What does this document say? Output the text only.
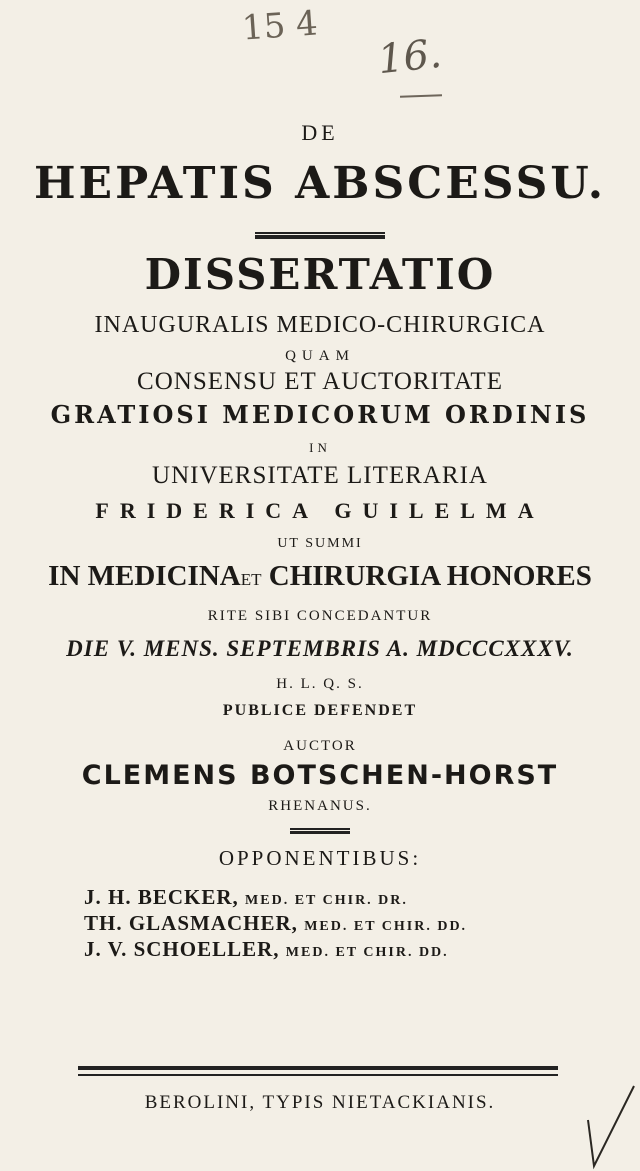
15 4
16.
DE
HEPATIS ABSCESSU.
DISSERTATIO
INAUGURALIS MEDICO-CHIRURGICA
QUAM
CONSENSU ET AUCTORITATE
GRATIOSI MEDICORUM ORDINIS
IN
UNIVERSITATE LITERARIA
FRIDERICA GUILELMA
UT SUMMI
IN MEDICINAET CHIRURGIA HONORES
RITE SIBI CONCEDANTUR
DIE V. MENS. SEPTEMBRIS A. MDCCCXXXV.
H. L. Q. S.
PUBLICE DEFENDET
AUCTOR
CLEMENS BOTSCHEN-HORST
RHENANUS.
OPPONENTIBUS:
J. H. BECKER, MED. ET CHIR. DR.
TH. GLASMACHER, MED. ET CHIR. DD.
J. V. SCHOELLER, MED. ET CHIR. DD.
BEROLINI, TYPIS NIETACKIANIS.
